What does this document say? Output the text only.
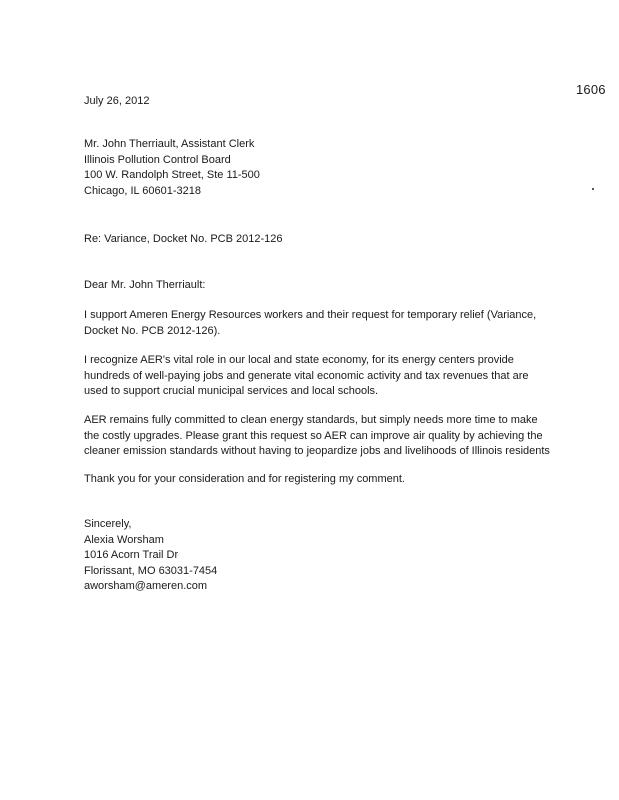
1606
July 26, 2012
Mr. John Therriault, Assistant Clerk
Illinois Pollution Control Board
100 W. Randolph Street, Ste 11-500
Chicago, IL 60601-3218
Re: Variance, Docket No. PCB 2012-126
Dear Mr. John Therriault:
I support Ameren Energy Resources workers and their request for temporary relief (Variance,
Docket No. PCB 2012-126).
I recognize AER's vital role in our local and state economy, for its energy centers provide
hundreds of well-paying jobs and generate vital economic activity and tax revenues that are
used to support crucial municipal services and local schools.
AER remains fully committed to clean energy standards, but simply needs more time to make
the costly upgrades. Please grant this request so AER can improve air quality by achieving the
cleaner emission standards without having to jeopardize jobs and livelihoods of Illinois residents
Thank you for your consideration and for registering my comment.
Sincerely,
Alexia Worsham
1016 Acorn Trail Dr
Florissant, MO 63031-7454
aworsham@ameren.com
